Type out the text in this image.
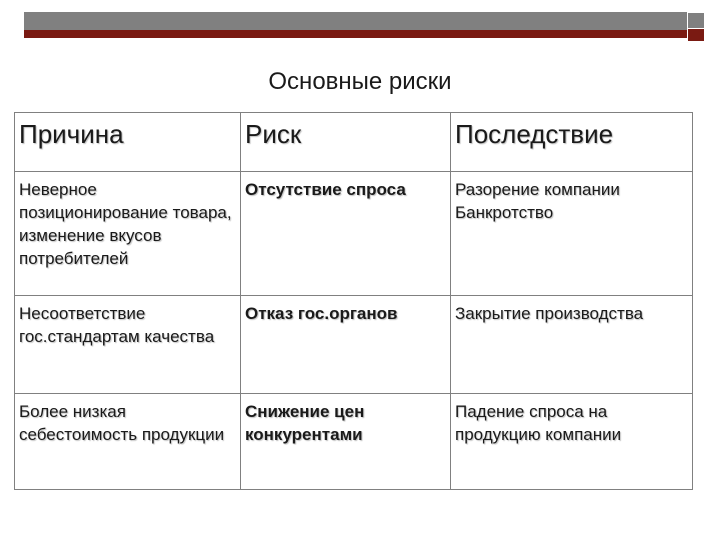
Основные риски
Причина	Риск	Последствие
Неверное позиционирование товара, изменение вкусов потребителей	Отсутствие спроса	Разорение компании Банкротство
Несоответствие гос.стандартам качества	Отказ гос.органов	Закрытие производства
Более низкая себестоимость продукции	Снижение цен конкурентами	Падение спроса на продукцию компании
